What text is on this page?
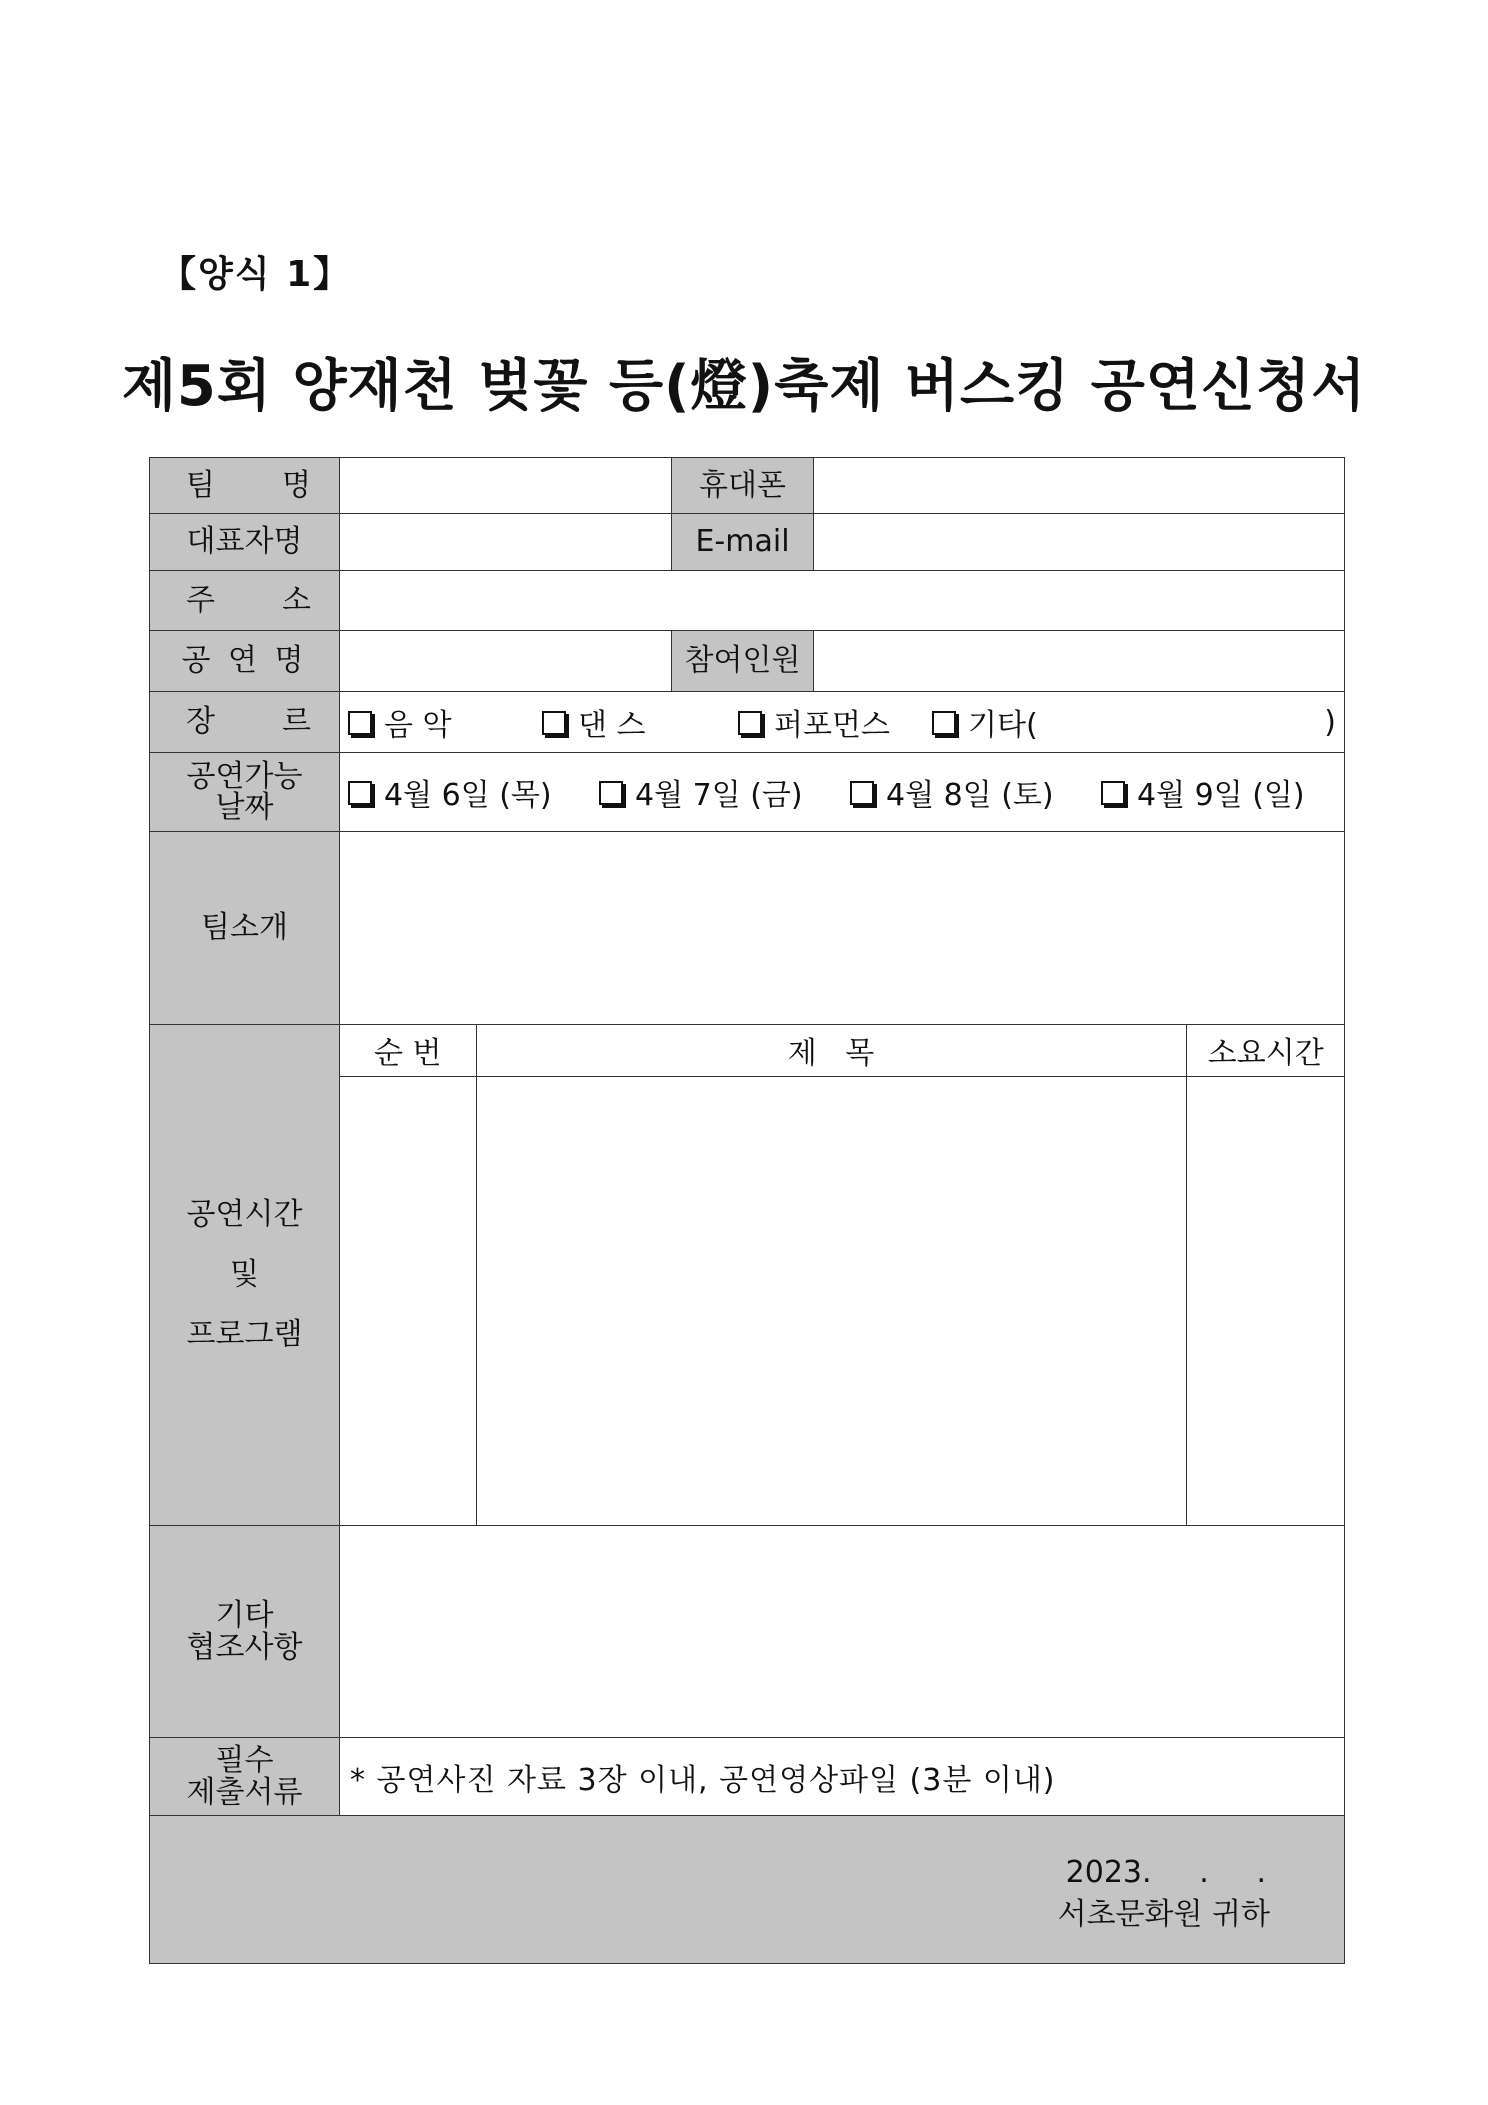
【양식 1】
제5회 양재천 벚꽃 등(燈)축제 버스킹 공연신청서
팀 명		휴대폰	
대표자명		E-mail	

주 소

공 연 명		참여인원	

장 르	음 악	댄 스	퍼포먼스	기타(	)

공연가능
날짜	4월 6일 (목)	4월 7일 (금)	4월 8일 (토)	4월 9일 (일)

팀소개	

공연시간
및
프로그램

순 번	제   목	소요시간

기타
협조사항

필수
제출서류	* 공연사진 자료 3장 이내, 공연영상파일 (3분 이내)

2023.     .     .
서초문화원 귀하
